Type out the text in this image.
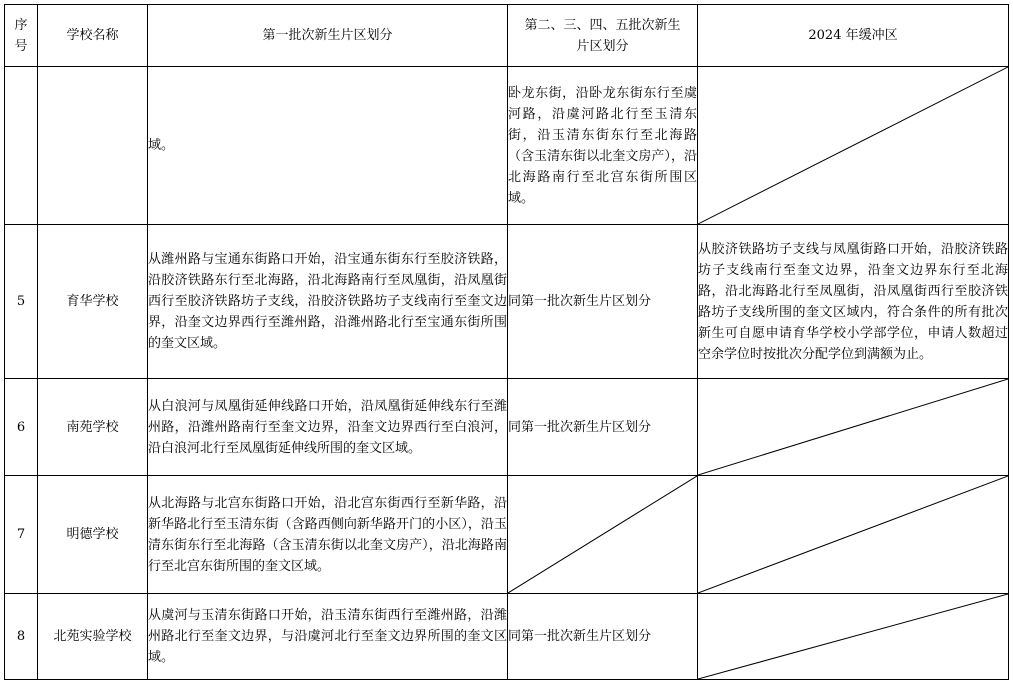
序号	学校名称	第一批次新生片区划分	第二、三、四、五批次新生片区划分	2024 年缓冲区

		域。	卧龙东街，沿卧龙东街东行至虞河路，沿虞河路北行至玉清东街，沿玉清东街东行至北海路（含玉清东街以北奎文房产），沿北海路南行至北宫东街所围区域。

5	育华学校	从潍州路与宝通东街路口开始，沿宝通东街东行至胶济铁路，沿胶济铁路东行至北海路，沿北海路南行至凤凰街，沿凤凰街西行至胶济铁路坊子支线，沿胶济铁路坊子支线南行至奎文边界，沿奎文边界西行至潍州路，沿潍州路北行至宝通东街所围的奎文区域。	同第一批次新生片区划分	从胶济铁路坊子支线与凤凰街路口开始，沿胶济铁路坊子支线南行至奎文边界，沿奎文边界东行至北海路，沿北海路北行至凤凰街，沿凤凰街西行至胶济铁路坊子支线所围的奎文区域内，符合条件的所有批次新生可自愿申请育华学校小学部学位，申请人数超过空余学位时按批次分配学位到满额为止。

6	南苑学校	从白浪河与凤凰街延伸线路口开始，沿凤凰街延伸线东行至潍州路，沿潍州路南行至奎文边界，沿奎文边界西行至白浪河，沿白浪河北行至凤凰街延伸线所围的奎文区域。	同第一批次新生片区划分

7	明德学校	从北海路与北宫东街路口开始，沿北宫东街西行至新华路，沿新华路北行至玉清东街（含路西侧向新华路开门的小区），沿玉清东街东行至北海路（含玉清东街以北奎文房产），沿北海路南行至北宫东街所围的奎文区域。

8	北苑实验学校	从虞河与玉清东街路口开始，沿玉清东街西行至潍州路，沿潍州路北行至奎文边界，与沿虞河北行至奎文边界所围的奎文区域。	同第一批次新生片区划分
